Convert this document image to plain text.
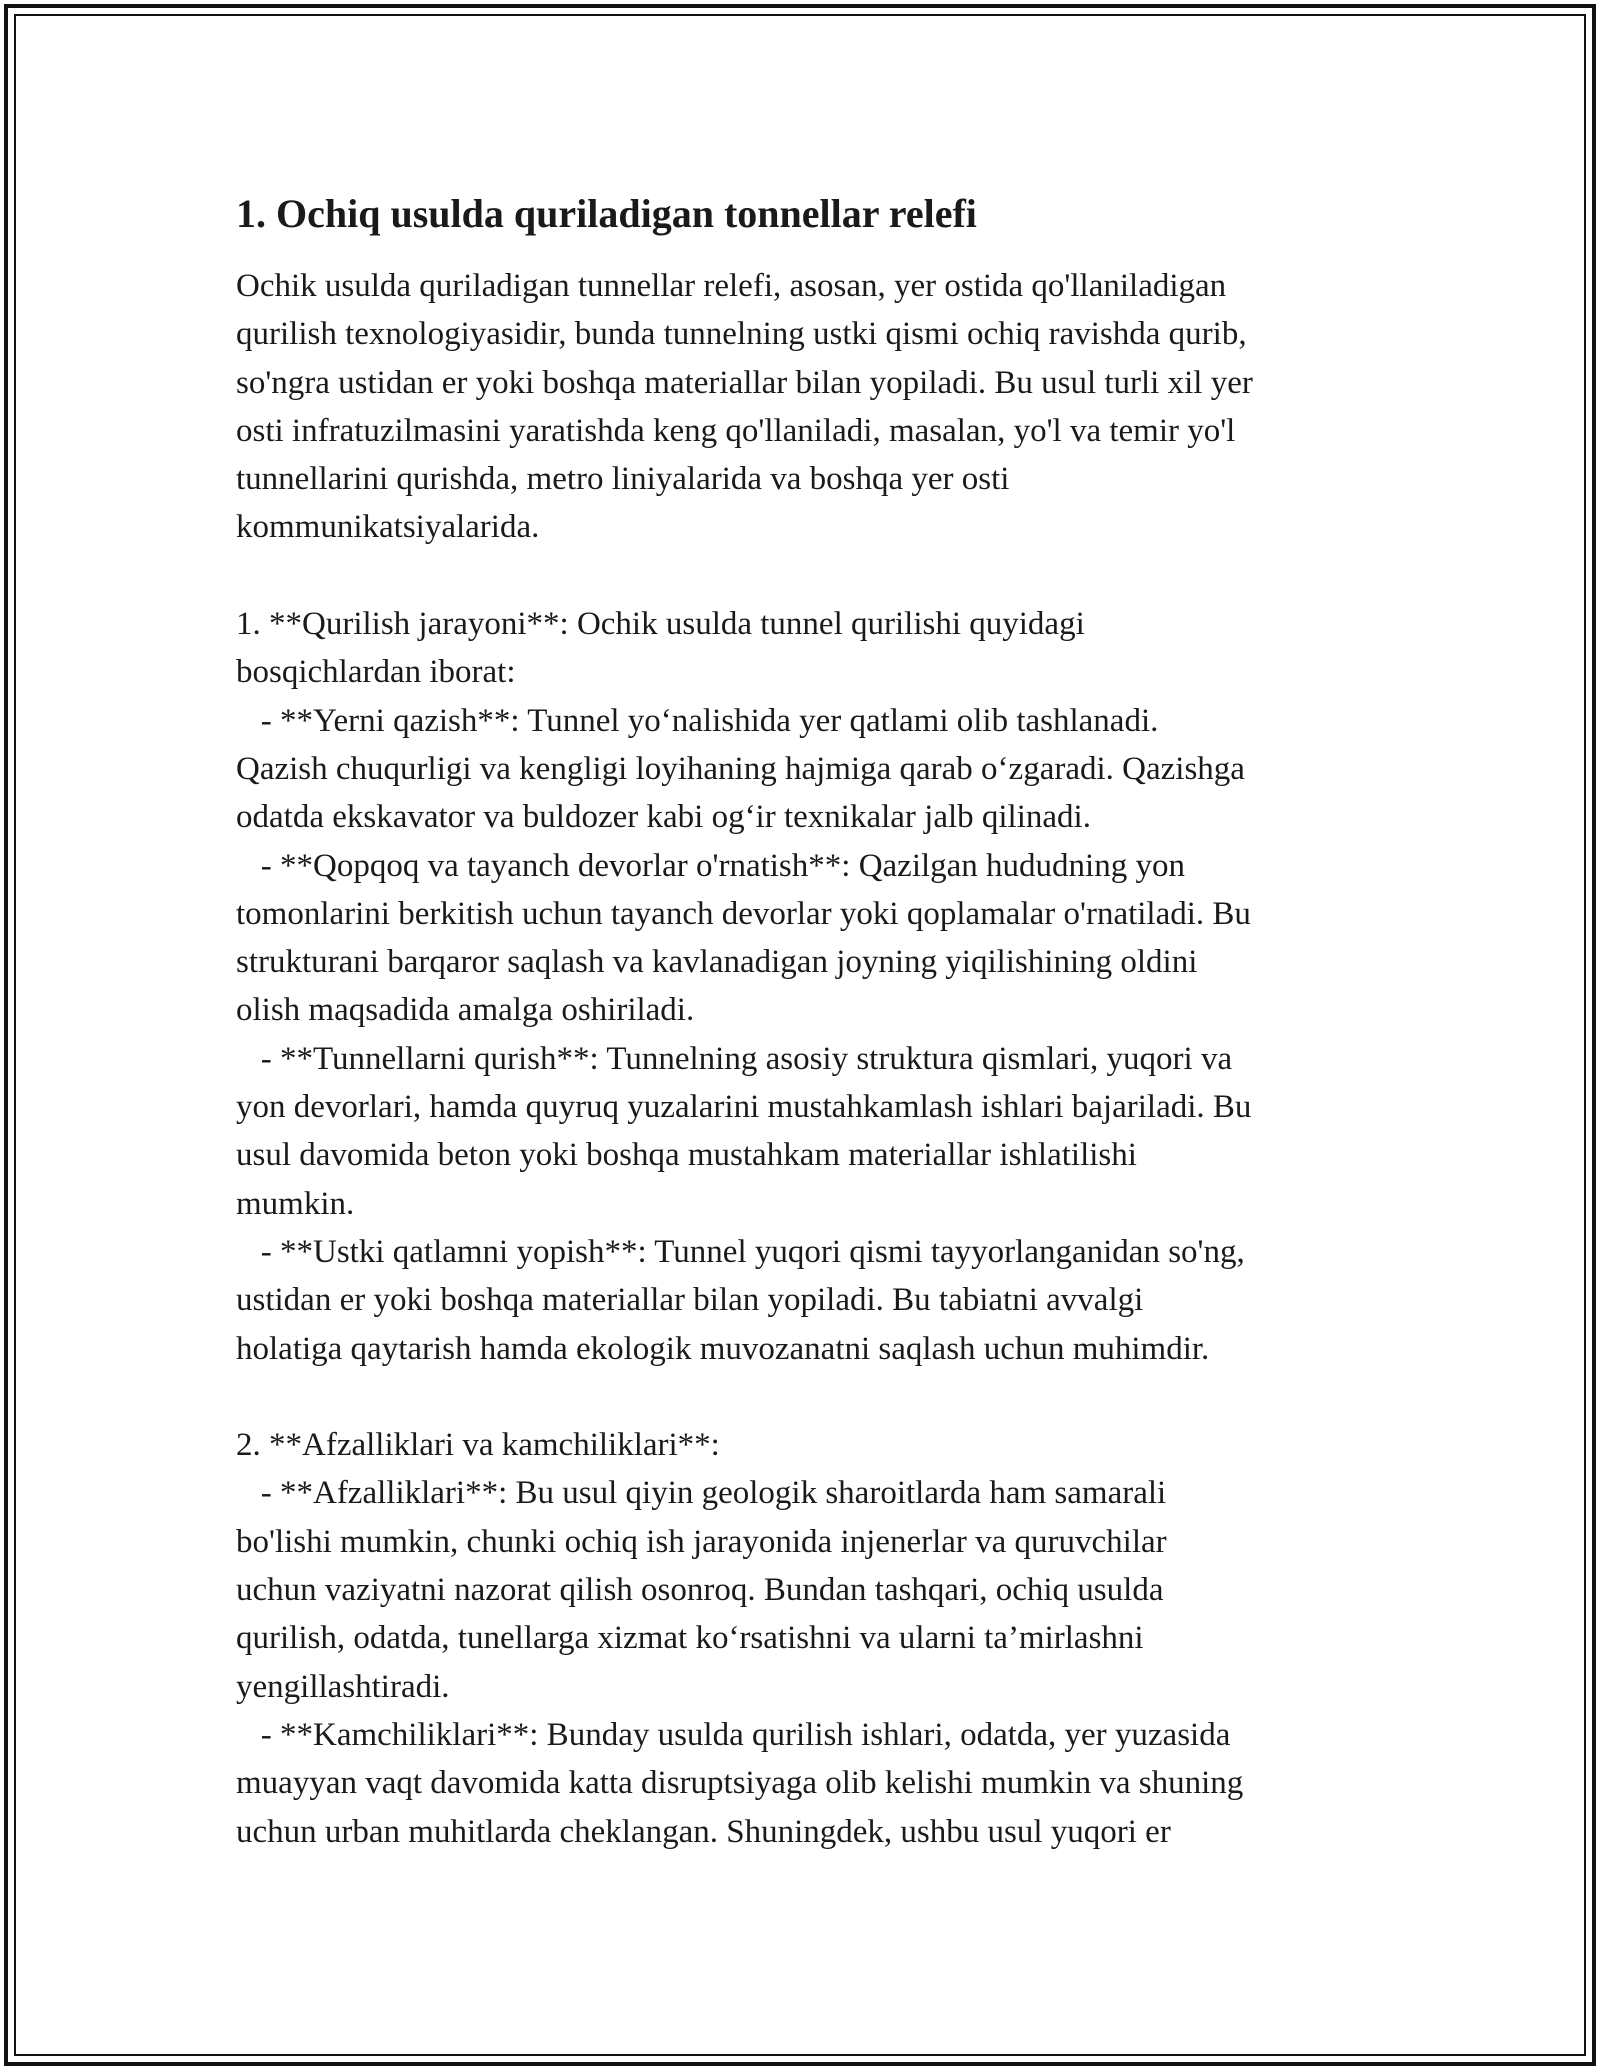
1. Ochiq usulda quriladigan tonnellar relefi

Ochik usulda quriladigan tunnellar relefi, asosan, yer ostida qo'llaniladigan

qurilish texnologiyasidir, bunda tunnelning ustki qismi ochiq ravishda qurib,

so'ngra ustidan er yoki boshqa materiallar bilan yopiladi. Bu usul turli xil yer

osti infratuzilmasini yaratishda keng qo'llaniladi, masalan, yo'l va temir yo'l

tunnellarini qurishda, metro liniyalarida va boshqa yer osti

kommunikatsiyalarida.

1. **Qurilish jarayoni**: Ochik usulda tunnel qurilishi quyidagi

bosqichlardan iborat:

- **Yerni qazish**: Tunnel yo‘nalishida yer qatlami olib tashlanadi.

Qazish chuqurligi va kengligi loyihaning hajmiga qarab o‘zgaradi. Qazishga

odatda ekskavator va buldozer kabi og‘ir texnikalar jalb qilinadi.

- **Qopqoq va tayanch devorlar o'rnatish**: Qazilgan hududning yon

tomonlarini berkitish uchun tayanch devorlar yoki qoplamalar o'rnatiladi. Bu

strukturani barqaror saqlash va kavlanadigan joyning yiqilishining oldini

olish maqsadida amalga oshiriladi.

- **Tunnellarni qurish**: Tunnelning asosiy struktura qismlari, yuqori va

yon devorlari, hamda quyruq yuzalarini mustahkamlash ishlari bajariladi. Bu

usul davomida beton yoki boshqa mustahkam materiallar ishlatilishi

mumkin.

- **Ustki qatlamni yopish**: Tunnel yuqori qismi tayyorlanganidan so'ng,

ustidan er yoki boshqa materiallar bilan yopiladi. Bu tabiatni avvalgi

holatiga qaytarish hamda ekologik muvozanatni saqlash uchun muhimdir.

2. **Afzalliklari va kamchiliklari**:

- **Afzalliklari**: Bu usul qiyin geologik sharoitlarda ham samarali

bo'lishi mumkin, chunki ochiq ish jarayonida injenerlar va quruvchilar

uchun vaziyatni nazorat qilish osonroq. Bundan tashqari, ochiq usulda

qurilish, odatda, tunellarga xizmat ko‘rsatishni va ularni ta’mirlashni

yengillashtiradi.

- **Kamchiliklari**: Bunday usulda qurilish ishlari, odatda, yer yuzasida

muayyan vaqt davomida katta disruptsiyaga olib kelishi mumkin va shuning

uchun urban muhitlarda cheklangan. Shuningdek, ushbu usul yuqori er
